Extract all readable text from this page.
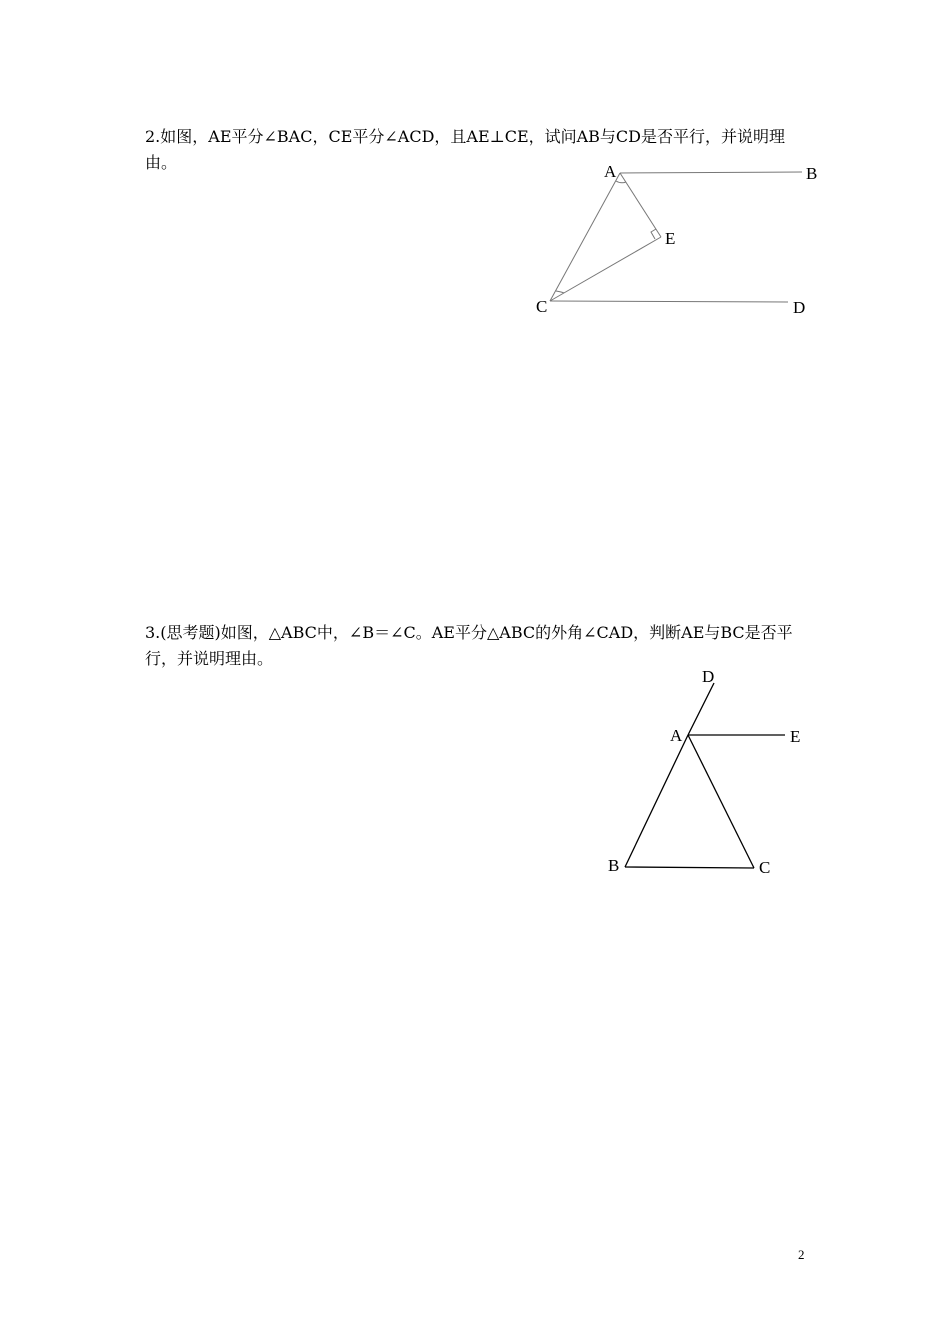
2.如图，AE平分∠BAC，CE平分∠ACD，且AE⊥CE，试问AB与CD是否平行，并说明理由。	A	B
E
C	D

3.(思考题)如图，△ABC中，∠B＝∠C。AE平分△ABC的外角∠CAD，判断AE与BC是否平行，并说明理由。

D
A	E
B	C
2
